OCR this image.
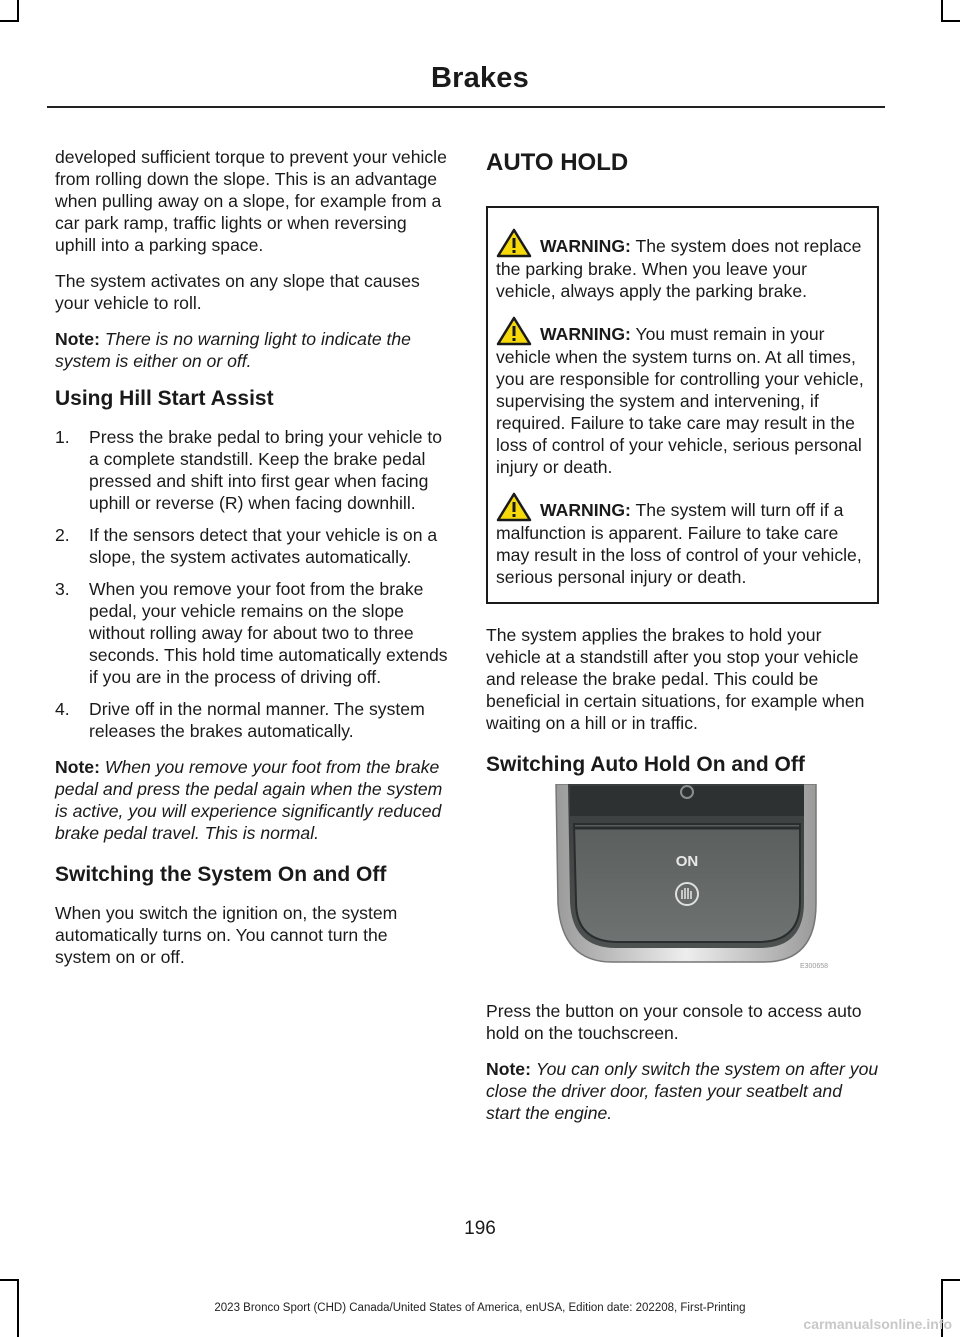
Brakes

developed sufficient torque to prevent your vehicle from rolling down the slope. This is an advantage when pulling away on a slope, for example from a car park ramp, traffic lights or when reversing uphill into a parking space.

The system activates on any slope that causes your vehicle to roll.

Note: There is no warning light to indicate the system is either on or off.

Using Hill Start Assist
1. Press the brake pedal to bring your vehicle to a complete standstill. Keep the brake pedal pressed and shift into first gear when facing uphill or reverse (R) when facing downhill.
2. If the sensors detect that your vehicle is on a slope, the system activates automatically.
3. When you remove your foot from the brake pedal, your vehicle remains on the slope without rolling away for about two to three seconds. This hold time automatically extends if you are in the process of driving off.
4. Drive off in the normal manner. The system releases the brakes automatically.

Note: When you remove your foot from the brake pedal and press the pedal again when the system is active, you will experience significantly reduced brake pedal travel. This is normal.

Switching the System On and Off

When you switch the ignition on, the system automatically turns on. You cannot turn the system on or off.

AUTO HOLD

WARNING: The system does not replace the parking brake. When you leave your vehicle, always apply the parking brake.

WARNING: You must remain in your vehicle when the system turns on. At all times, you are responsible for controlling your vehicle, supervising the system and intervening, if required. Failure to take care may result in the loss of control of your vehicle, serious personal injury or death.

WARNING: The system will turn off if a malfunction is apparent. Failure to take care may result in the loss of control of your vehicle, serious personal injury or death.

The system applies the brakes to hold your vehicle at a standstill after you stop your vehicle and release the brake pedal. This could be beneficial in certain situations, for example when waiting on a hill or in traffic.

Switching Auto Hold On and Off
ON
E300658

Press the button on your console to access auto hold on the touchscreen.

Note: You can only switch the system on after you close the driver door, fasten your seatbelt and start the engine.

196
2023 Bronco Sport (CHD) Canada/United States of America, enUSA, Edition date: 202208, First-Printing
carmanualsonline.info
